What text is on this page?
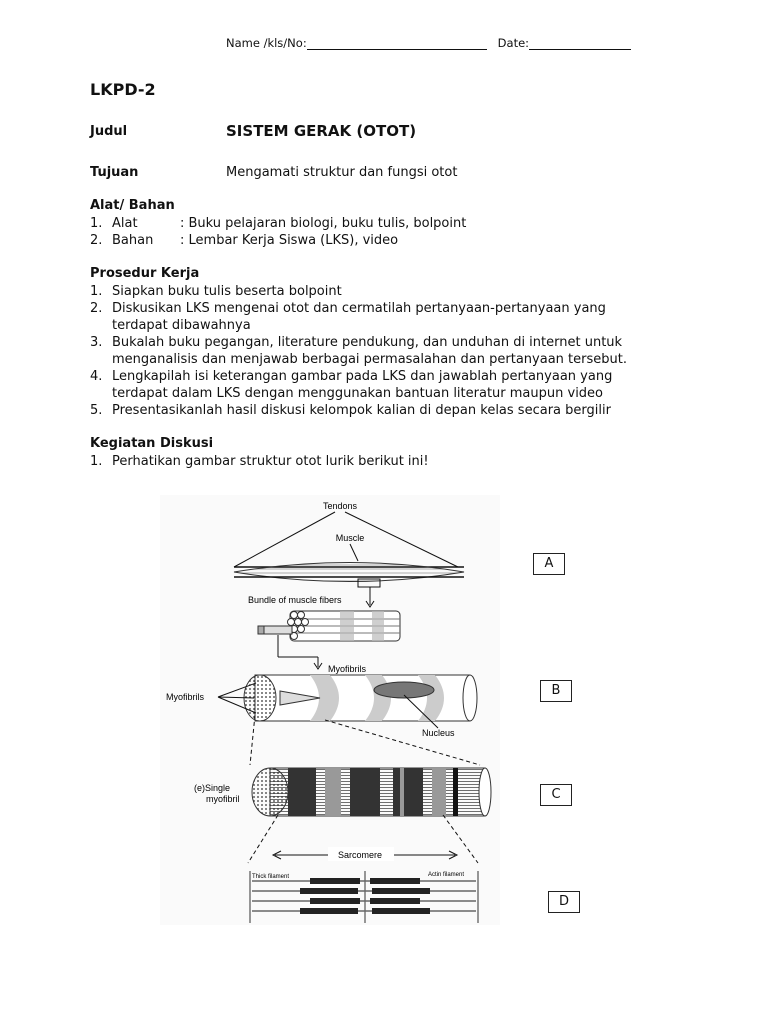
Name /kls/No:	Date:
LKPD-2
Judul	SISTEM GERAK (OTOT)
Tujuan	Mengamati struktur dan fungsi otot
Alat/ Bahan
1. Alat	: Buku pelajaran biologi, buku tulis, bolpoint
2. Bahan : Lembar Kerja Siswa (LKS), video
Prosedur Kerja
1. Siapkan buku tulis beserta bolpoint
2. Diskusikan LKS mengenai otot dan cermatilah pertanyaan-pertanyaan yang terdapat dibawahnya
3. Bukalah buku pegangan, literature pendukung, dan unduhan di internet untuk menganalisis dan menjawab berbagai permasalahan dan pertanyaan tersebut.
4. Lengkapilah isi keterangan gambar pada LKS dan jawablah pertanyaan yang terdapat dalam LKS dengan menggunakan bantuan literatur maupun video
5. Presentasikanlah hasil diskusi kelompok kalian di depan kelas secara bergilir
Kegiatan Diskusi
1. Perhatikan gambar struktur otot lurik berikut ini!
Tendons
Muscle
Bundle of muscle fibers
Myofibrils
Myofibrils
Nucleus
(e)Single
myofibril
Sarcomere
Thick filament	Actin filament
A
B
C
D
